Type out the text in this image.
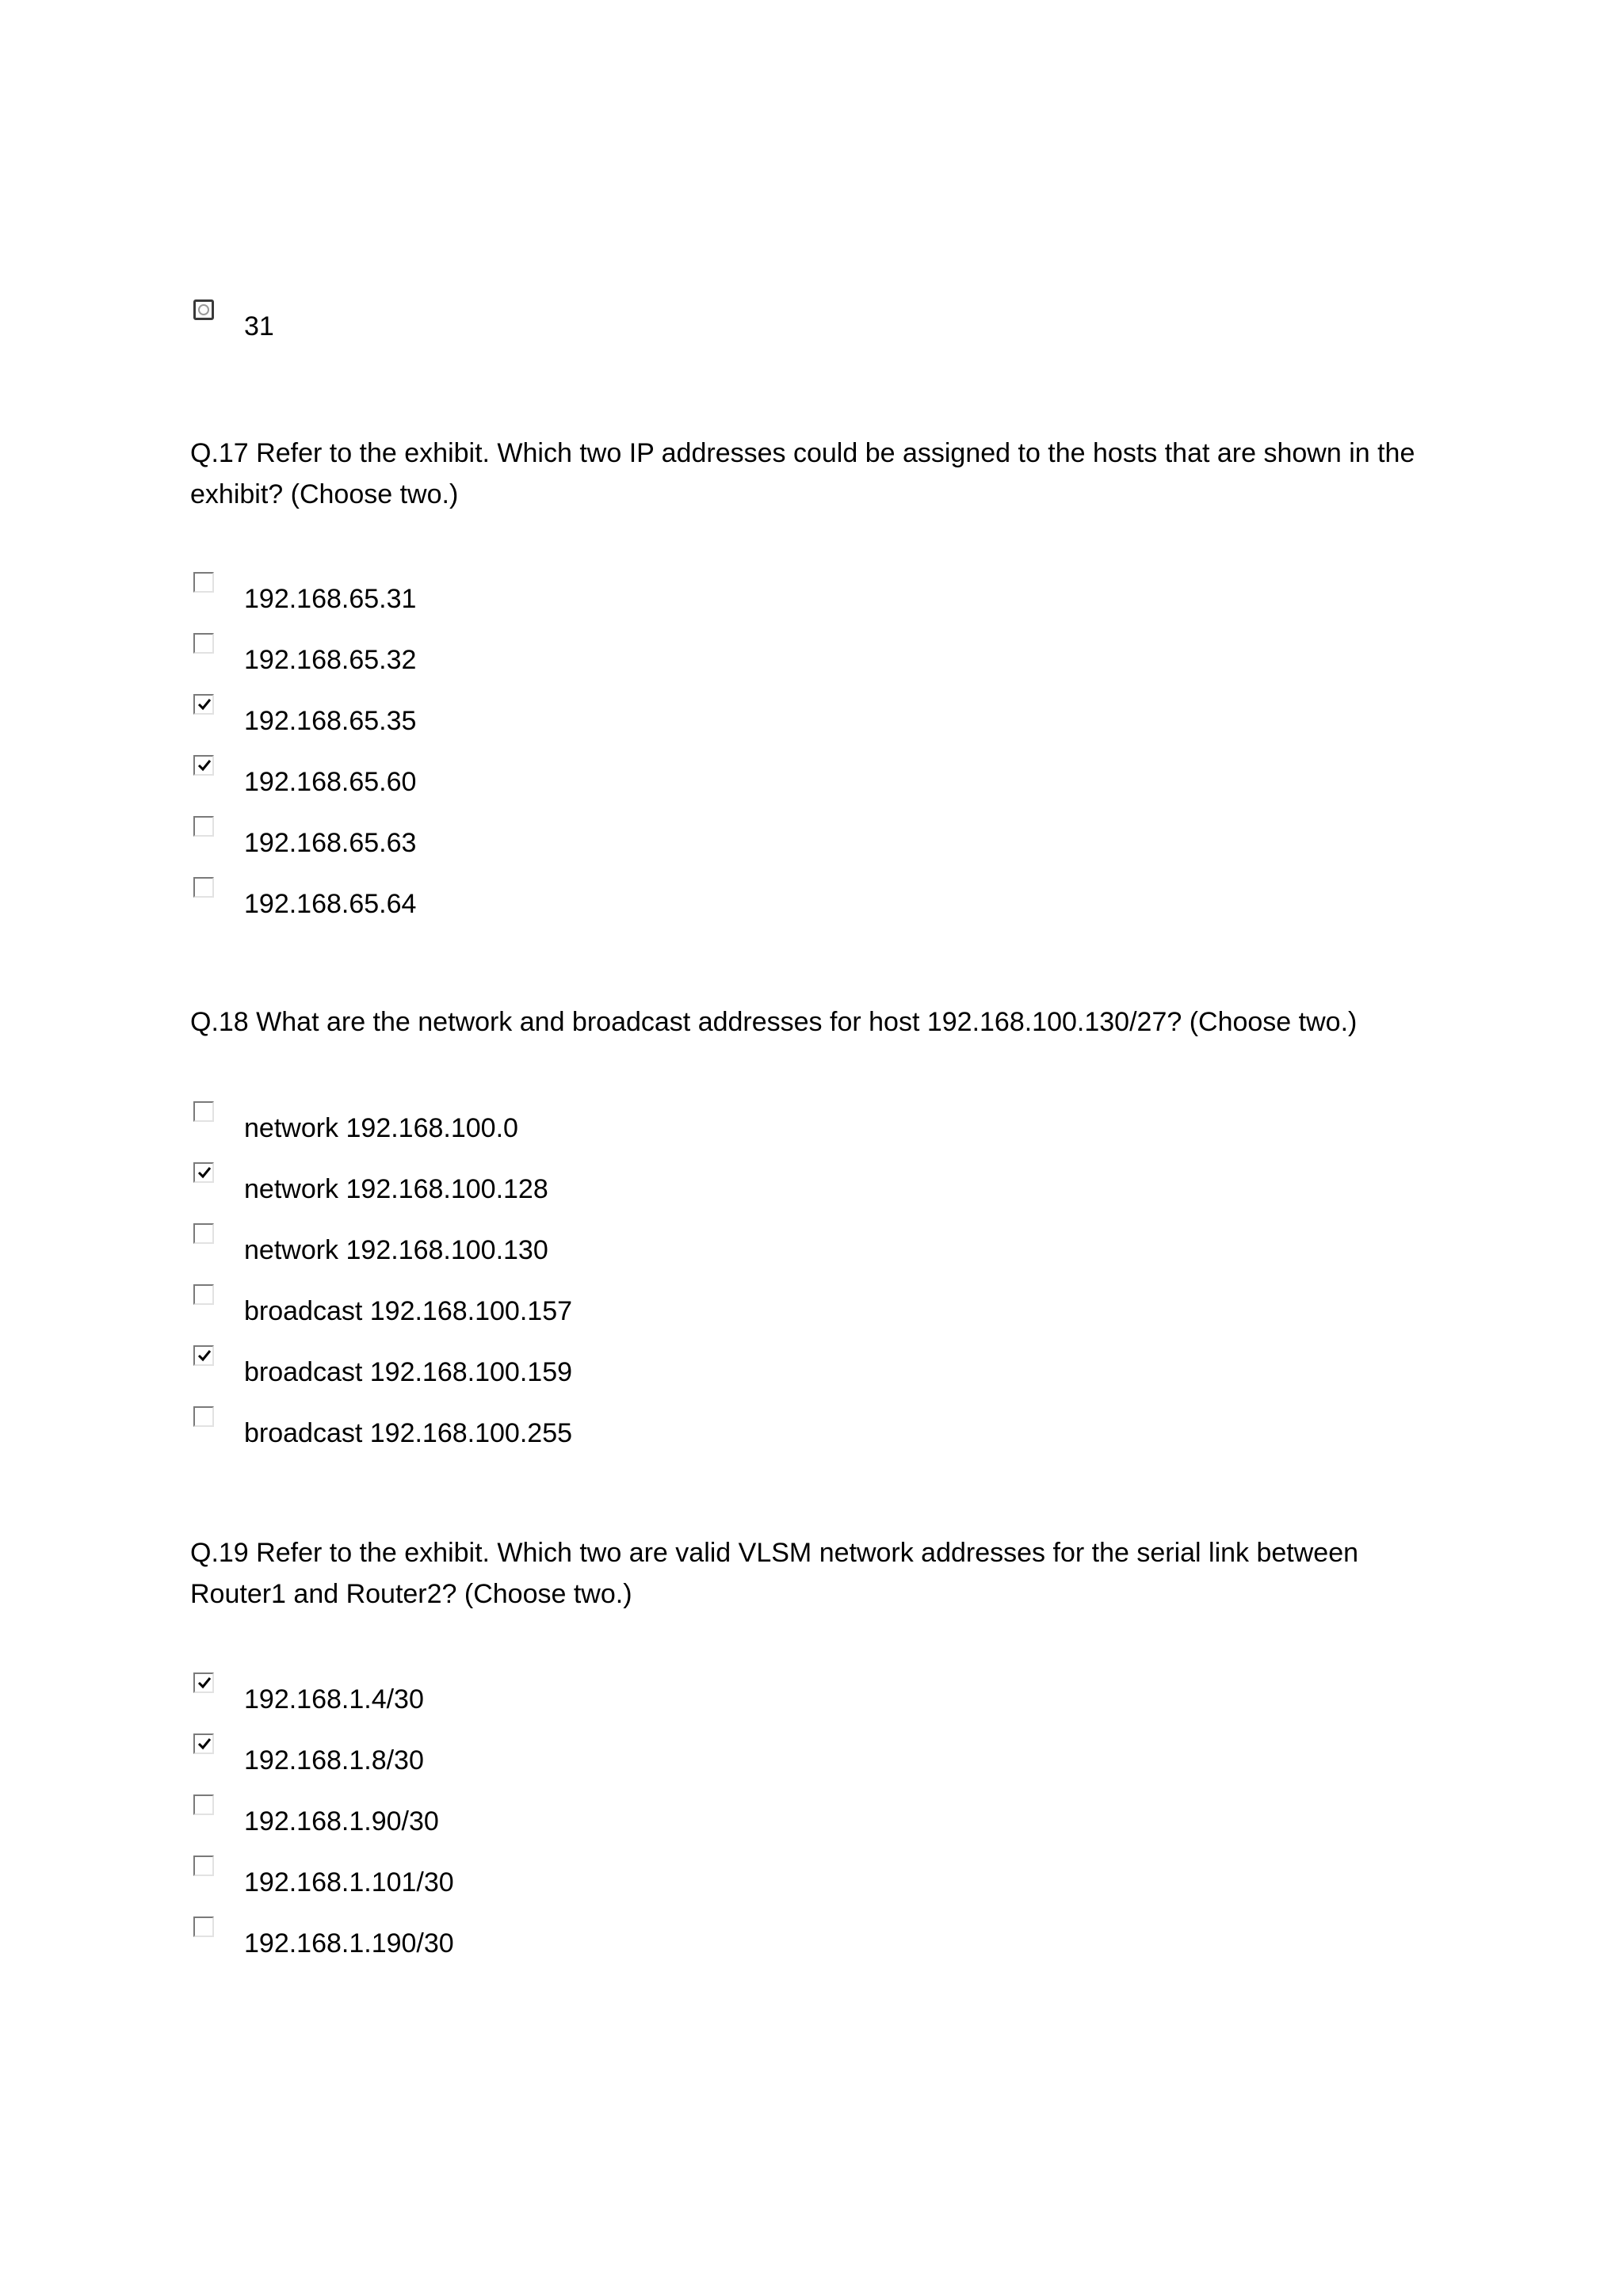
31
Q.17 Refer to the exhibit. Which two IP addresses could be assigned to the hosts that are shown in the exhibit? (Choose two.)
192.168.65.31
192.168.65.32
192.168.65.35
192.168.65.60
192.168.65.63
192.168.65.64
Q.18 What are the network and broadcast addresses for host 192.168.100.130/27? (Choose two.)
network 192.168.100.0
network 192.168.100.128
network 192.168.100.130
broadcast 192.168.100.157
broadcast 192.168.100.159
broadcast 192.168.100.255
Q.19 Refer to the exhibit. Which two are valid VLSM network addresses for the serial link between Router1 and Router2? (Choose two.)
192.168.1.4/30
192.168.1.8/30
192.168.1.90/30
192.168.1.101/30
192.168.1.190/30
